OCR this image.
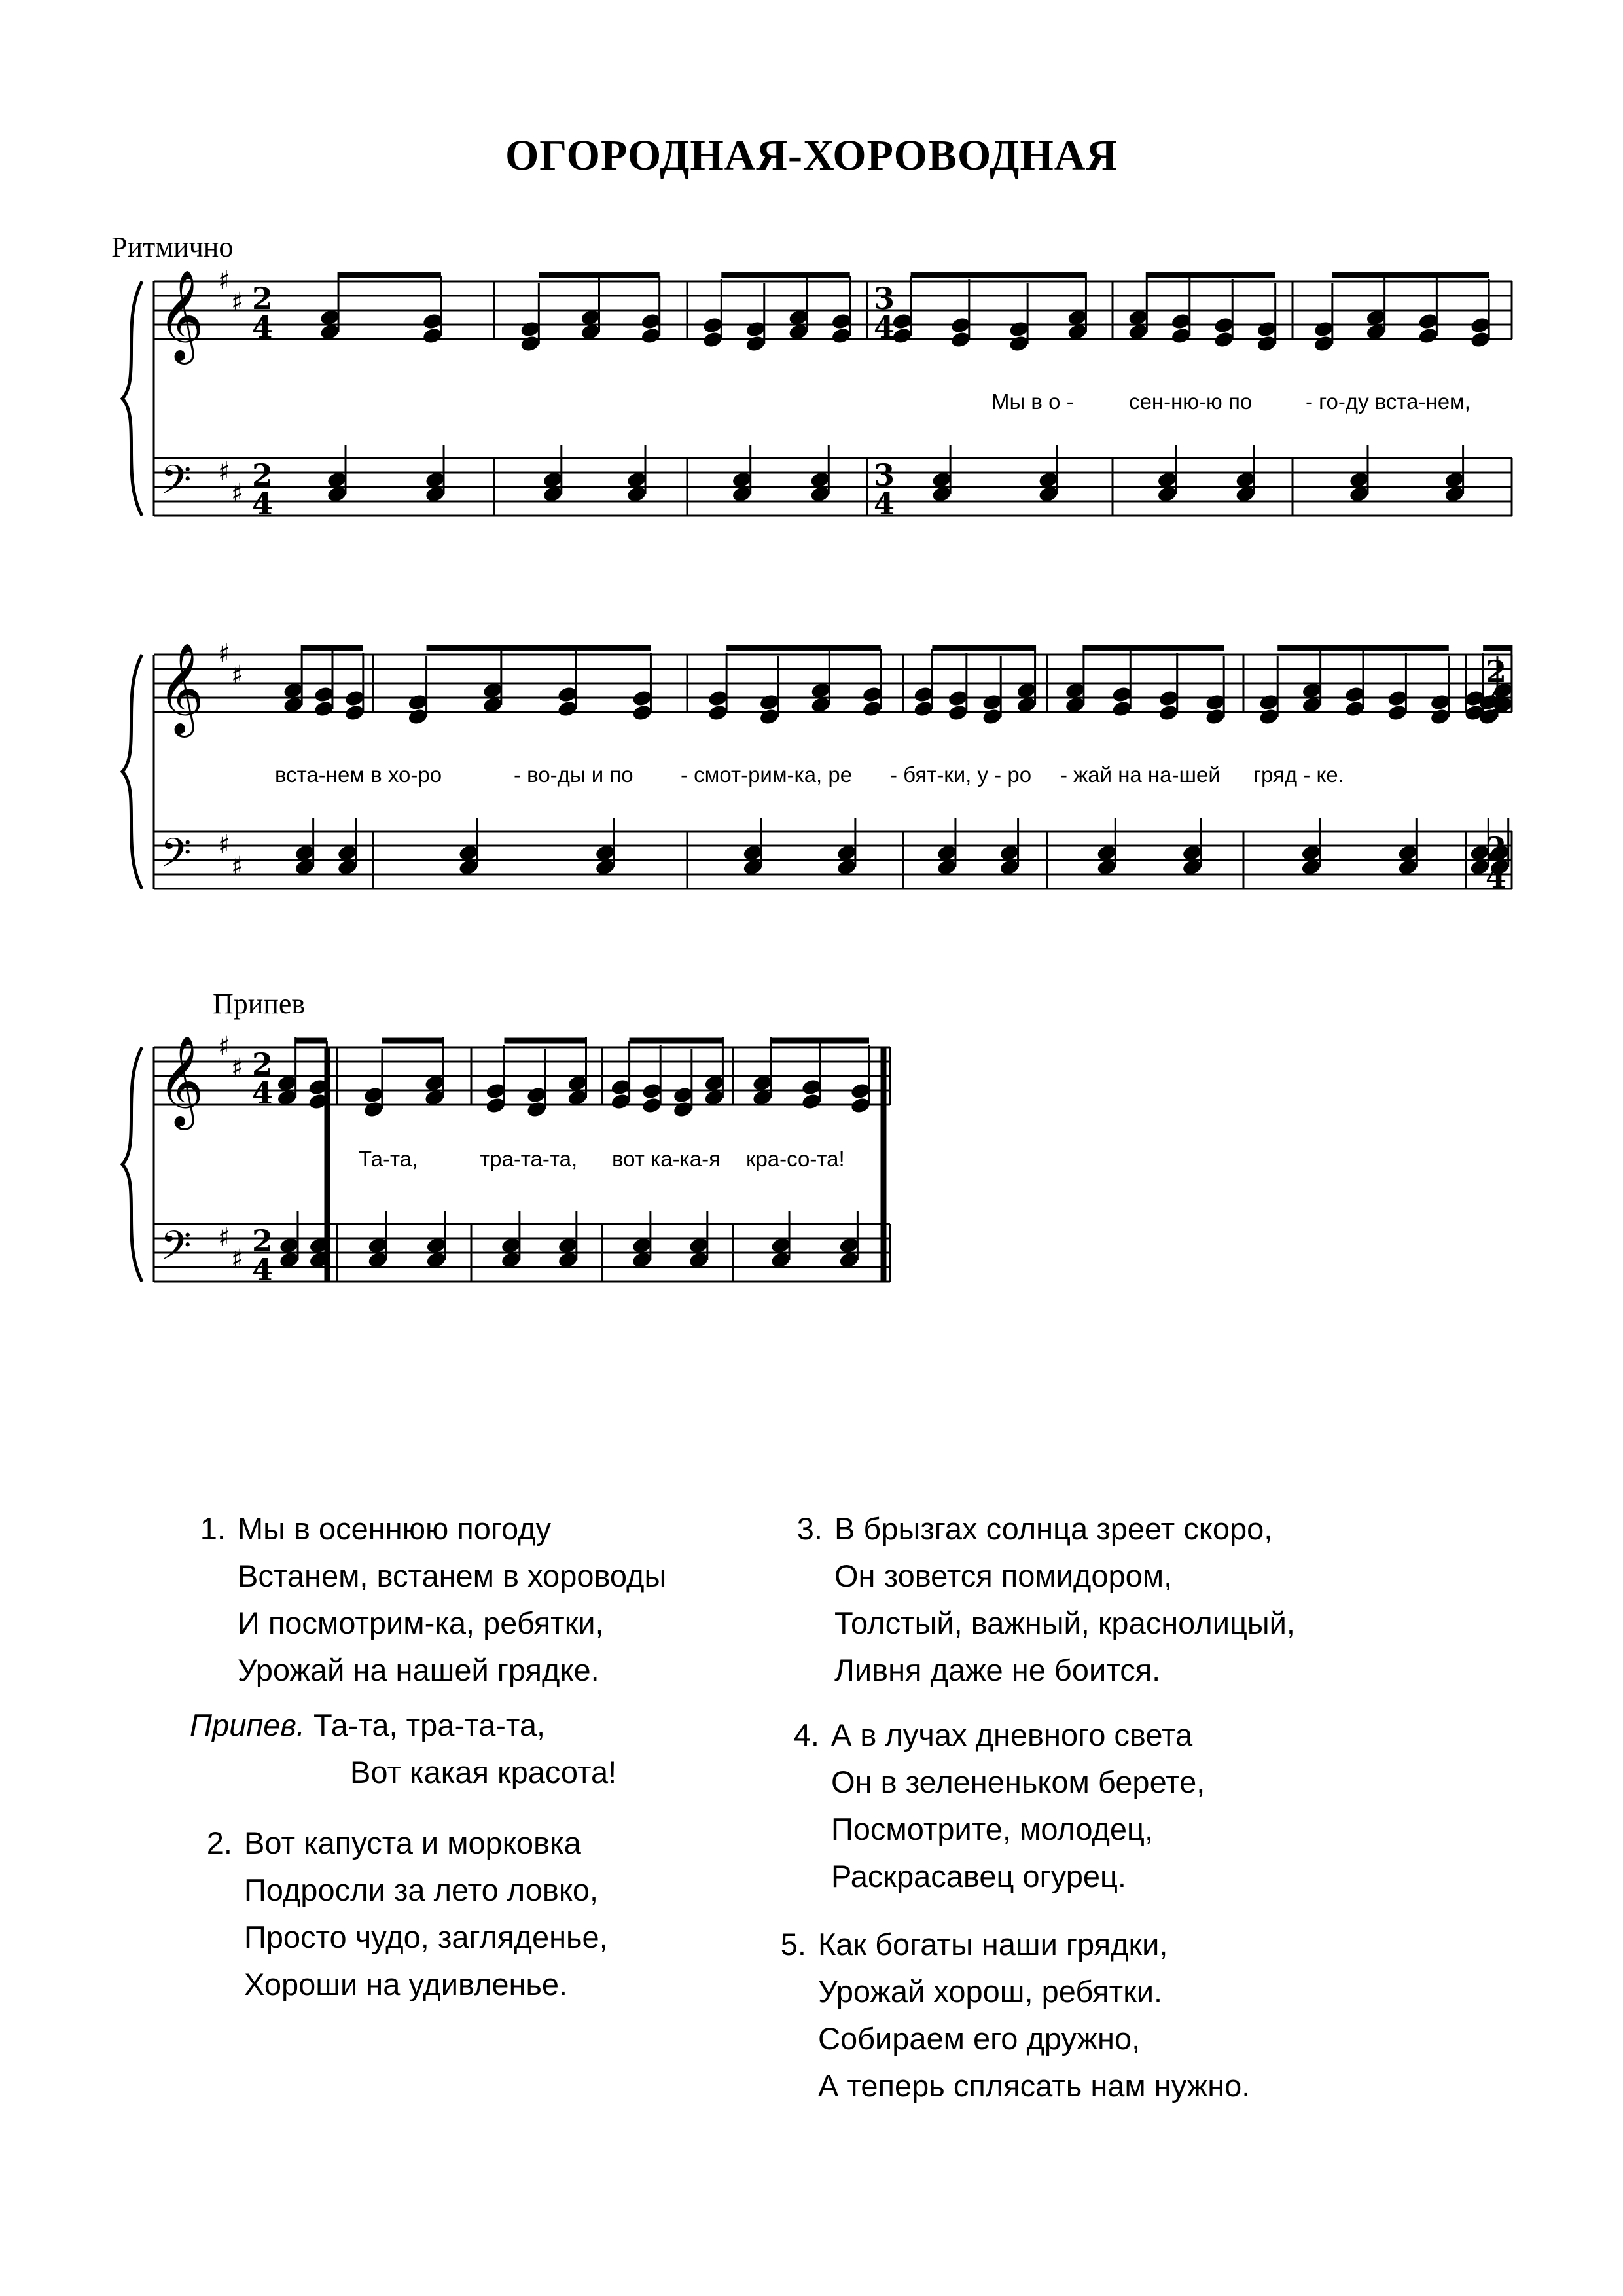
ОГОРОДНАЯ-ХОРОВОДНАЯ
Ритмично
Припев
𝄞
𝄢
♯
♯
♯
♯
2
4
2
4
3
4
3
4
𝄞
𝄢
♯
♯
♯
♯
2
4
2
4
𝄞
𝄢
♯
♯
♯
♯
2
4
2
4
Мы в о -	сен-ню-ю по - го-ду вста-нем,
вста-нем в хо-ро	- во-ды и по - смот-рим-ка, ре - бят-ки, у - ро - жай на на-шей гряд - ке.
Та-та,	тра-та-та, вот ка-ка-я кра-со-та!
1. Мы в осеннюю погоду
Встанем, встанем в хороводы
И посмотрим-ка, ребятки,
Урожай на нашей грядке.
2. Вот капуста и морковка
Подросли за лето ловко,
Просто чудо, загляденье,
Хороши на удивленье.
3. В брызгах солнца зреет скоро,
Он зовется помидором,
Толстый, важный, краснолицый,
Ливня даже не боится.
4. А в лучах дневного света
Он в зелененьком берете,
Посмотрите, молодец,
Раскрасавец огурец.
5. Как богаты наши грядки,
Урожай хорош, ребятки.
Собираем его дружно,
А теперь сплясать нам нужно.
Припев. Та-та, тра-та-та,
Вот какая красота!
